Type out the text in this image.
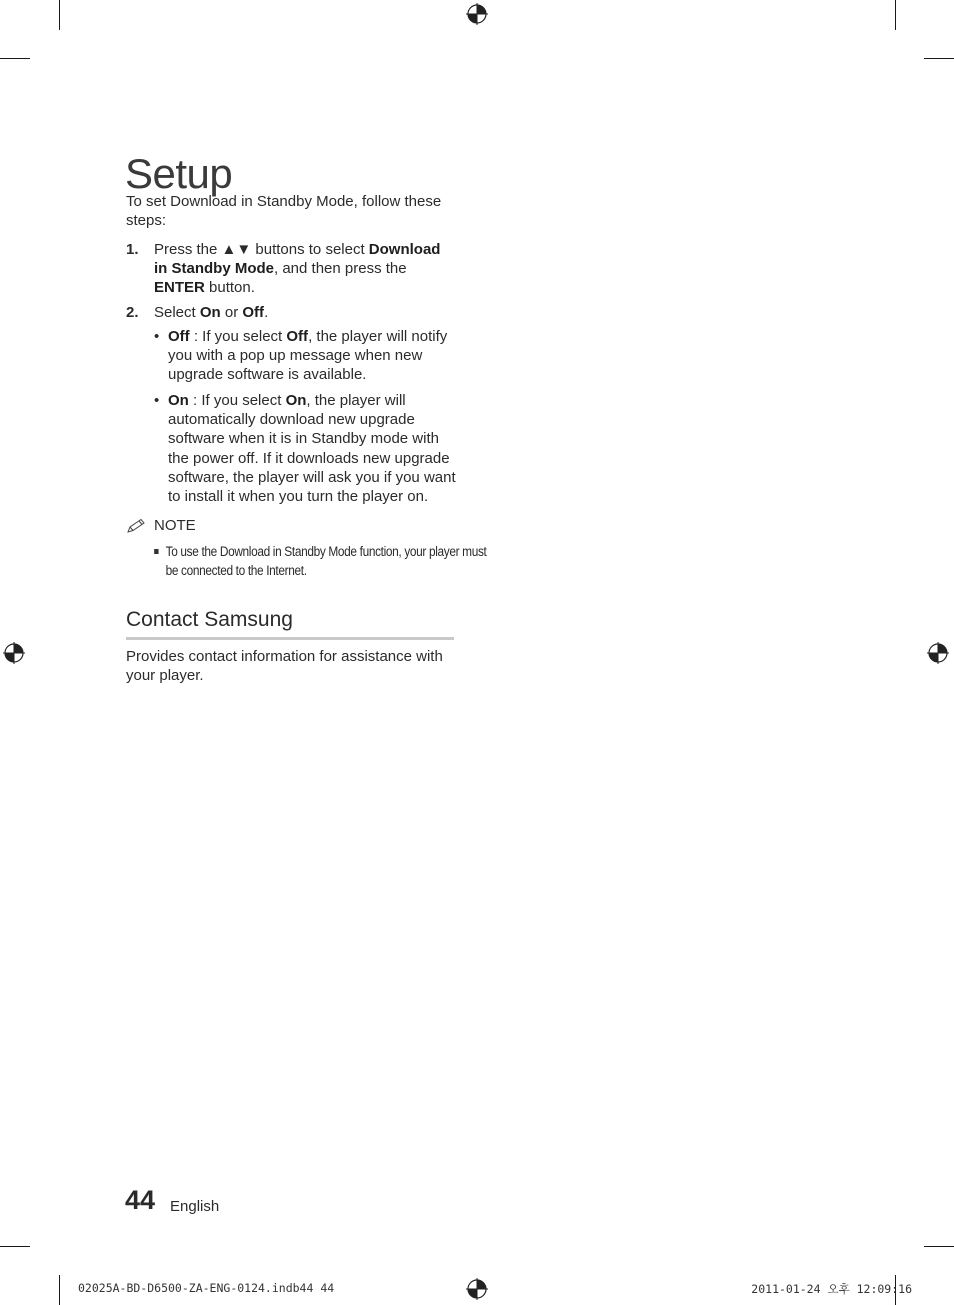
Setup

To set Download in Standby Mode, follow these steps:

1. Press the ▲▼ buttons to select Download in Standby Mode, and then press the ENTER button.
2. Select On or Off.
• Off : If you select Off, the player will notify you with a pop up message when new upgrade software is available.
• On : If you select On, the player will automatically download new upgrade software when it is in Standby mode with the power off. If it downloads new upgrade software, the player will ask you if you want to install it when you turn the player on.
NOTE
To use the Download in Standby Mode function, your player must be connected to the Internet.

Contact Samsung

Provides contact information for assistance with your player.

44 English
02025A-BD-D6500-ZA-ENG-0124.indb44 44	2011-01-24 오후 12:09:16
